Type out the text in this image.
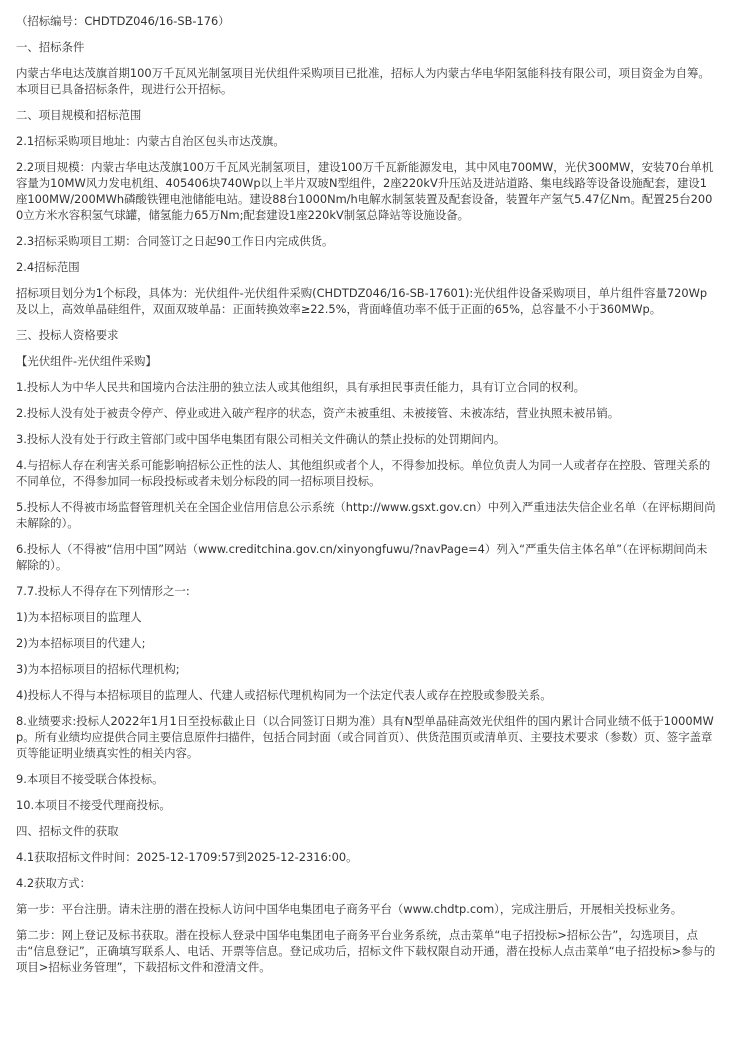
（招标编号：CHDTDZ046/16-SB-176）

一、招标条件

内蒙古华电达茂旗首期100万千瓦风光制氢项目光伏组件采购项目已批准，招标人为内蒙古华电华阳氢能科技有限公司，项目资金为自筹。本项目已具备招标条件，现进行公开招标。

二、项目规模和招标范围

2.1招标采购项目地址：内蒙古自治区包头市达茂旗。

2.2项目规模：内蒙古华电达茂旗100万千瓦风光制氢项目，建设100万千瓦新能源发电，其中风电700MW，光伏300MW，安装70台单机容量为10MW风力发电机组、405406块740Wp以上半片双玻N型组件，2座220kV升压站及进站道路、集电线路等设备设施配套，建设1座100MW/200MWh磷酸铁锂电池储能电站。建设88台1000Nm/h电解水制氢装置及配套设备，装置年产氢气5.47亿Nm。配置25台2000立方米水容积氢气球罐，储氢能力65万Nm;配套建设1座220kV制氢总降站等设施设备。

2.3招标采购项目工期：合同签订之日起90工作日内完成供货。

2.4招标范围

招标项目划分为1个标段，具体为：光伏组件-光伏组件采购(CHDTDZ046/16-SB-17601):光伏组件设备采购项目，单片组件容量720Wp及以上，高效单晶硅组件，双面双玻单晶：正面转换效率≥22.5%，背面峰值功率不低于正面的65%，总容量不小于360MWp。

三、投标人资格要求

【光伏组件-光伏组件采购】

1.投标人为中华人民共和国境内合法注册的独立法人或其他组织，具有承担民事责任能力，具有订立合同的权利。

2.投标人没有处于被责令停产、停业或进入破产程序的状态，资产未被重组、未被接管、未被冻结，营业执照未被吊销。

3.投标人没有处于行政主管部门或中国华电集团有限公司相关文件确认的禁止投标的处罚期间内。

4.与招标人存在利害关系可能影响招标公正性的法人、其他组织或者个人，不得参加投标。单位负责人为同一人或者存在控股、管理关系的不同单位，不得参加同一标段投标或者未划分标段的同一招标项目投标。

5.投标人不得被市场监督管理机关在全国企业信用信息公示系统（http://www.gsxt.gov.cn）中列入严重违法失信企业名单（在评标期间尚未解除的）。

6.投标人（不得被“信用中国”网站（www.creditchina.gov.cn/xinyongfuwu/?navPage=4）列入“严重失信主体名单”（在评标期间尚未解除的）。

7.7.投标人不得存在下列情形之一:

1)为本招标项目的监理人

2)为本招标项目的代建人;

3)为本招标项目的招标代理机构;

4)投标人不得与本招标项目的监理人、代建人或招标代理机构同为一个法定代表人或存在控股或参股关系。

8.业绩要求:投标人2022年1月1日至投标截止日（以合同签订日期为准）具有N型单晶硅高效光伏组件的国内累计合同业绩不低于1000MWp。所有业绩均应提供合同主要信息原件扫描件，包括合同封面（或合同首页）、供货范围页或清单页、主要技术要求（参数）页、签字盖章页等能证明业绩真实性的相关内容。

9.本项目不接受联合体投标。

10.本项目不接受代理商投标。

四、招标文件的获取

4.1获取招标文件时间：2025-12-1709:57到2025-12-2316:00。

4.2获取方式：

第一步：平台注册。请未注册的潜在投标人访问中国华电集团电子商务平台（www.chdtp.com），完成注册后，开展相关投标业务。

第二步：网上登记及标书获取。潜在投标人登录中国华电集团电子商务平台业务系统，点击菜单“电子招投标>招标公告”，勾选项目，点击“信息登记”，正确填写联系人、电话、开票等信息。登记成功后，招标文件下载权限自动开通，潜在投标人点击菜单“电子招投标>参与的项目>招标业务管理”，下载招标文件和澄清文件。
